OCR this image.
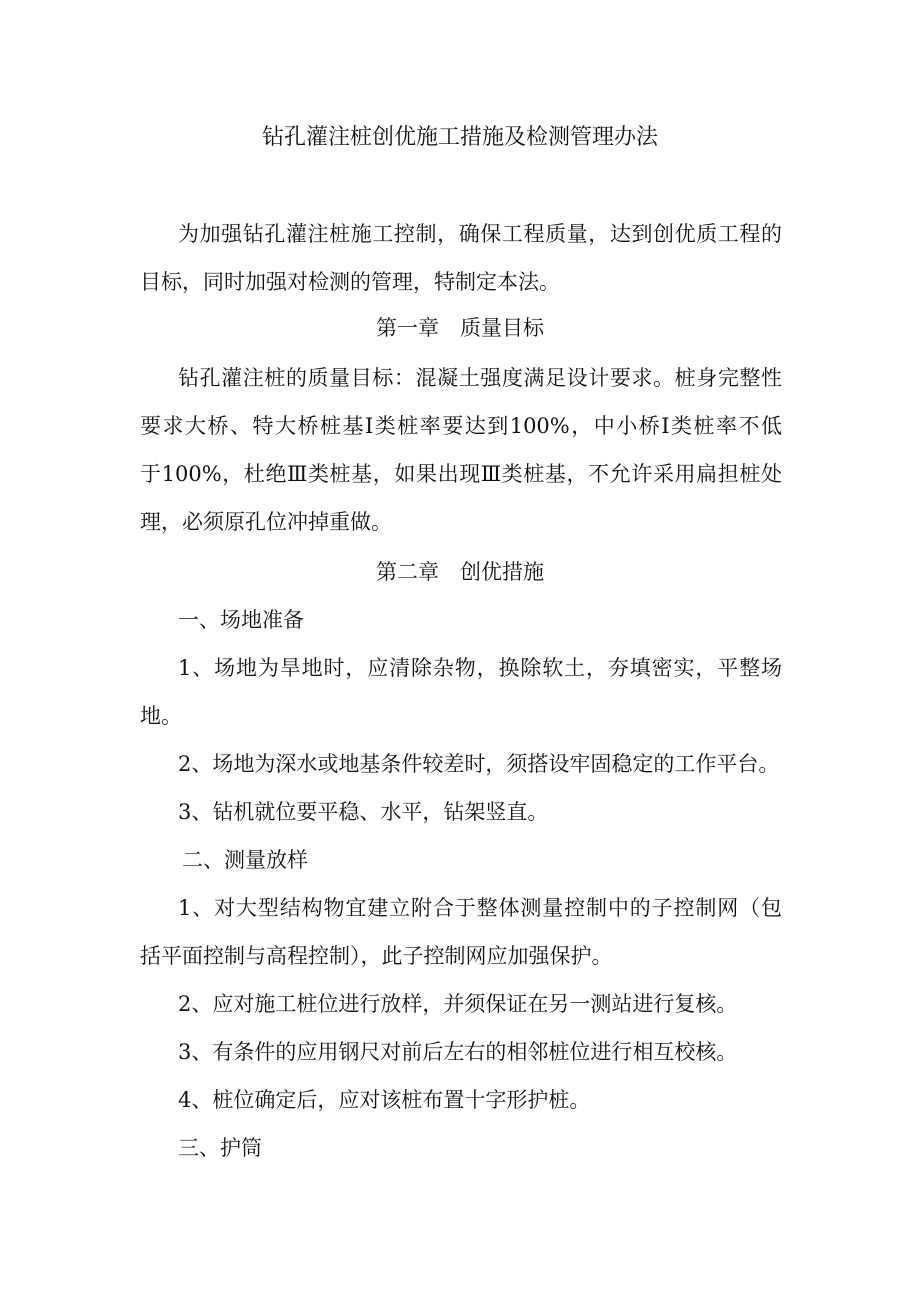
钻孔灌注桩创优施工措施及检测管理办法
为加强钻孔灌注桩施工控制，确保工程质量，达到创优质工程的
目标，同时加强对检测的管理，特制定本法。
第一章　质量目标
钻孔灌注桩的质量目标：混凝土强度满足设计要求。桩身完整性
要求大桥、特大桥桩基Ⅰ类桩率要达到100%，中小桥Ⅰ类桩率不低
于100%，杜绝Ⅲ类桩基，如果出现Ⅲ类桩基，不允许采用扁担桩处
理，必须原孔位冲掉重做。
第二章　创优措施
一、场地准备
1、场地为旱地时，应清除杂物，换除软土，夯填密实，平整场
地。
2、场地为深水或地基条件较差时，须搭设牢固稳定的工作平台。
3、钻机就位要平稳、水平，钻架竖直。
二、测量放样
1、对大型结构物宜建立附合于整体测量控制中的子控制网（包
括平面控制与高程控制），此子控制网应加强保护。
2、应对施工桩位进行放样，并须保证在另一测站进行复核。
3、有条件的应用钢尺对前后左右的相邻桩位进行相互校核。
4、桩位确定后，应对该桩布置十字形护桩。
三、护筒
